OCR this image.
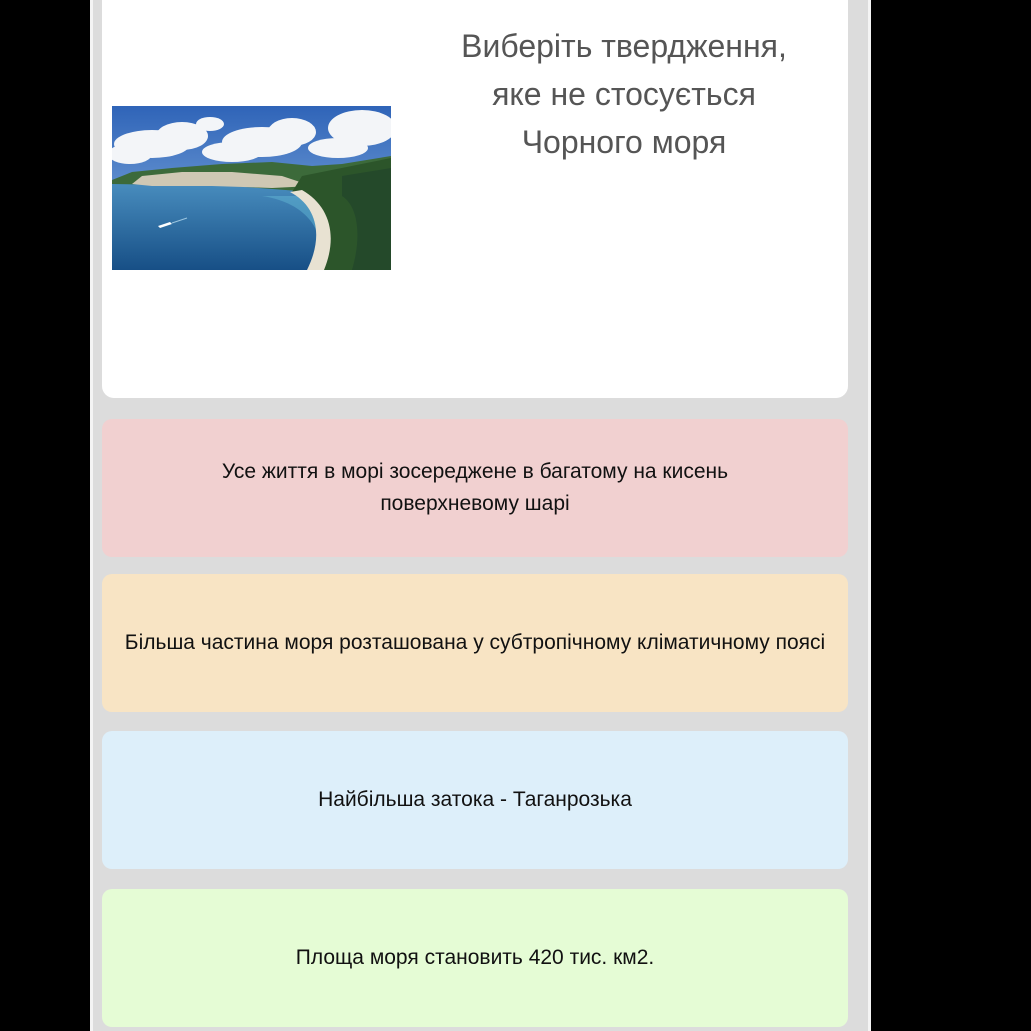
Виберіть твердження,
яке не стосується
Чорного моря
Усе життя в морі зосереджене в багатому на кисень поверхневому шарі
Більша частина моря розташована у субтропічному кліматичному поясі
Найбільша затока - Таганрозька
Площа моря становить 420 тис. км2.
